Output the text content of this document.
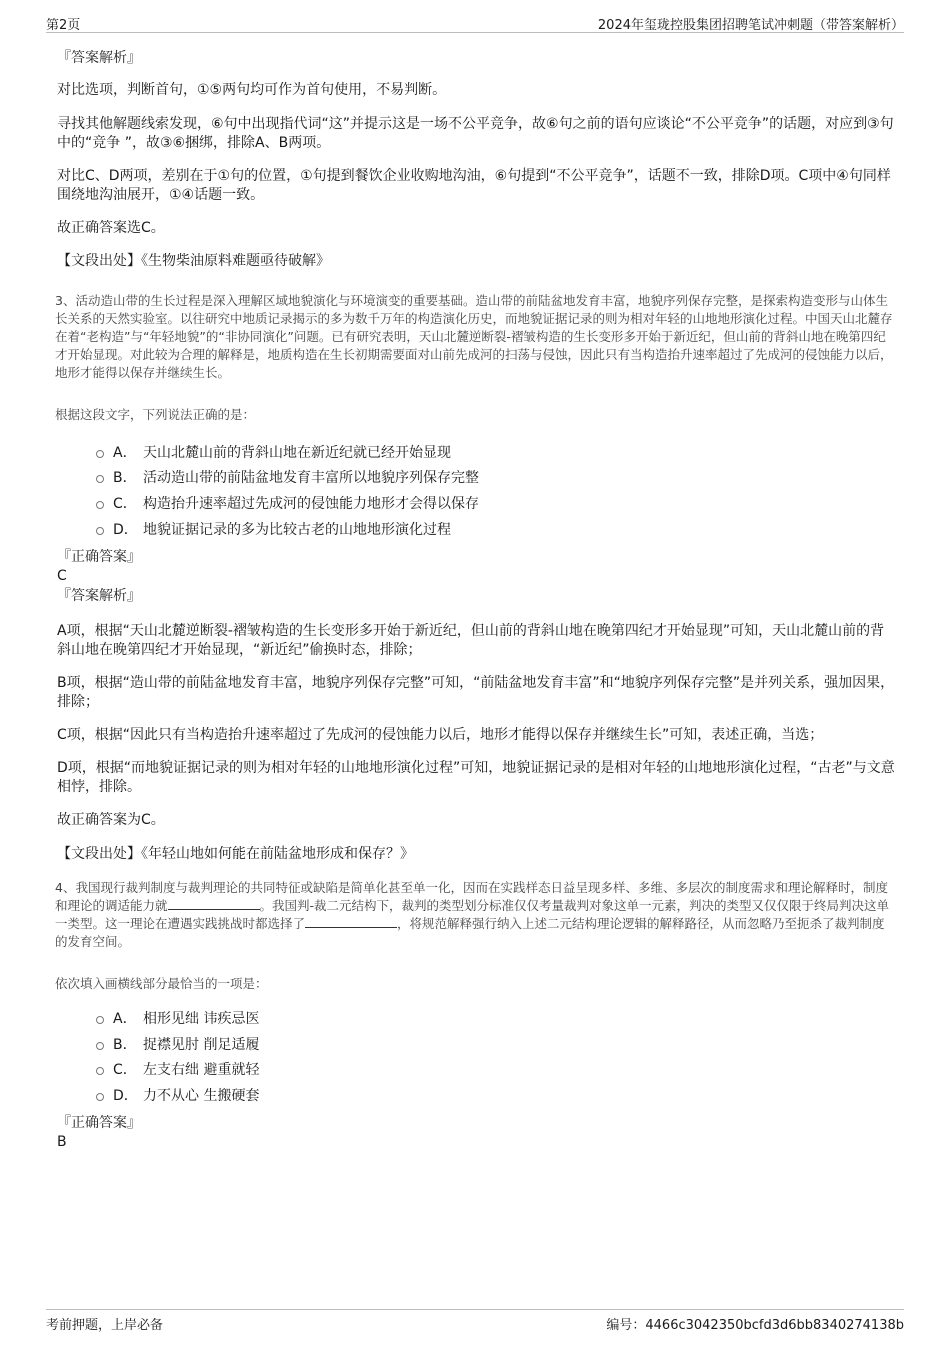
第2页	2024年玺珑控股集团招聘笔试冲刺题（带答案解析）
『答案解析』

对比选项，判断首句，①⑤两句均可作为首句使用，不易判断。

寻找其他解题线索发现，⑥句中出现指代词“这”并提示这是一场不公平竞争，故⑥句之前的语句应谈论“不公平竞争”的话题，对应到③句中的“竞争 ”，故③⑥捆绑，排除A、B两项。

对比C、D两项，差别在于①句的位置，①句提到餐饮企业收购地沟油，⑥句提到“不公平竞争”，话题不一致，排除D项。C项中④句同样围绕地沟油展开，①④话题一致。

故正确答案选C。

【文段出处】《生物柴油原料难题亟待破解》

3、活动造山带的生长过程是深入理解区域地貌演化与环境演变的重要基础。造山带的前陆盆地发育丰富，地貌序列保存完整，是探索构造变形与山体生长关系的天然实验室。以往研究中地质记录揭示的多为数千万年的构造演化历史，而地貌证据记录的则为相对年轻的山地地形演化过程。中国天山北麓存在着“老构造”与“年轻地貌”的“非协同演化”问题。已有研究表明，天山北麓逆断裂-褶皱构造的生长变形多开始于新近纪，但山前的背斜山地在晚第四纪才开始显现。对此较为合理的解释是，地质构造在生长初期需要面对山前先成河的扫荡与侵蚀，因此只有当构造抬升速率超过了先成河的侵蚀能力以后，地形才能得以保存并继续生长。

根据这段文字，下列说法正确的是：

A． 天山北麓山前的背斜山地在新近纪就已经开始显现
B． 活动造山带的前陆盆地发育丰富所以地貌序列保存完整
C． 构造抬升速率超过先成河的侵蚀能力地形才会得以保存
D． 地貌证据记录的多为比较古老的山地地形演化过程
『正确答案』
C
『答案解析』

A项，根据“天山北麓逆断裂-褶皱构造的生长变形多开始于新近纪，但山前的背斜山地在晚第四纪才开始显现”可知，天山北麓山前的背斜山地在晚第四纪才开始显现，“新近纪”偷换时态，排除；

B项，根据“造山带的前陆盆地发育丰富，地貌序列保存完整”可知，“前陆盆地发育丰富”和“地貌序列保存完整”是并列关系，强加因果，排除；

C项，根据“因此只有当构造抬升速率超过了先成河的侵蚀能力以后，地形才能得以保存并继续生长”可知，表述正确，当选；

D项，根据“而地貌证据记录的则为相对年轻的山地地形演化过程”可知，地貌证据记录的是相对年轻的山地地形演化过程，“古老”与文意相悖，排除。

故正确答案为C。

【文段出处】《年轻山地如何能在前陆盆地形成和保存？》

4、我国现行裁判制度与裁判理论的共同特征或缺陷是简单化甚至单一化，因而在实践样态日益呈现多样、多维、多层次的制度需求和理论解释时，制度和理论的调适能力就	。我国判-裁二元结构下，裁判的类型划分标准仅仅考量裁判对象这单一元素，判决的类型又仅仅限于终局判决这单一类型。这一理论在遭遇实践挑战时都选择了	，将规范解释强行纳入上述二元结构理论逻辑的解释路径，从而忽略乃至扼杀了裁判制度的发育空间。

依次填入画横线部分最恰当的一项是：

A． 相形见绌 讳疾忌医
B． 捉襟见肘 削足适履
C． 左支右绌 避重就轻
D． 力不从心 生搬硬套
『正确答案』
B
考前押题，上岸必备	编号：4466c3042350bcfd3d6bb8340274138b
